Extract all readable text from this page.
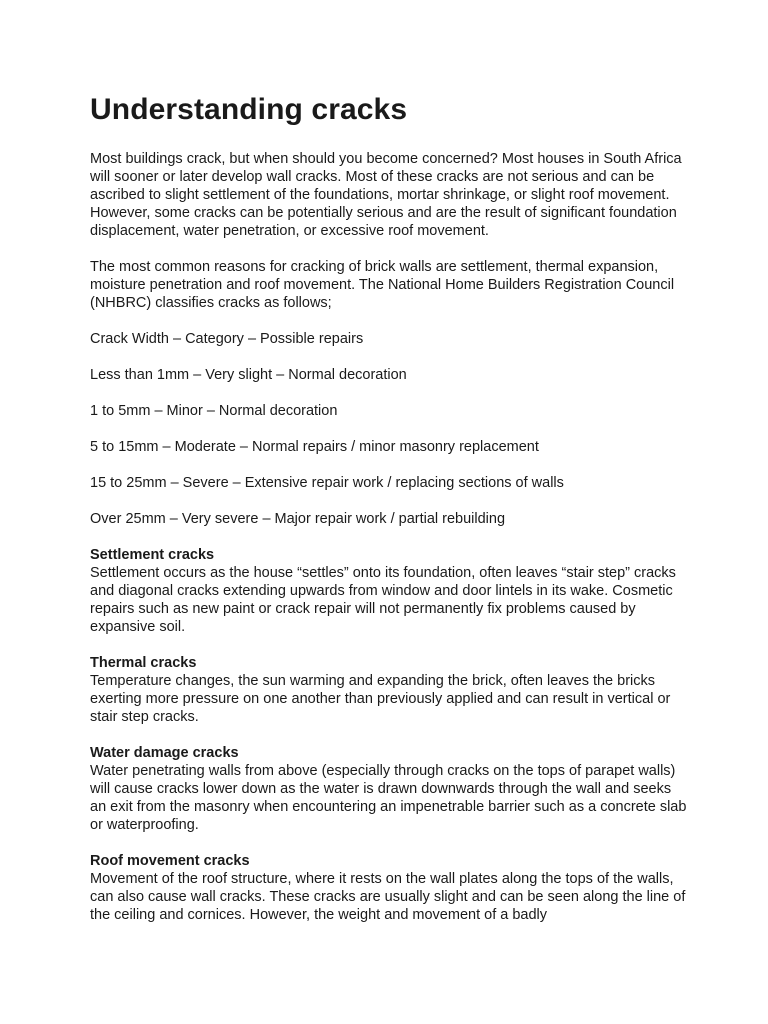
Understanding cracks

Most buildings crack, but when should you become concerned? Most houses in South Africa will sooner or later develop wall cracks. Most of these cracks are not serious and can be ascribed to slight settlement of the foundations, mortar shrinkage, or slight roof movement. However, some cracks can be potentially serious and are the result of significant foundation displacement, water penetration, or excessive roof movement.

The most common reasons for cracking of brick walls are settlement, thermal expansion, moisture penetration and roof movement. The National Home Builders Registration Council (NHBRC) classifies cracks as follows;

Crack Width – Category – Possible repairs

Less than 1mm – Very slight – Normal decoration

1 to 5mm – Minor – Normal decoration

5 to 15mm – Moderate – Normal repairs / minor masonry replacement

15 to 25mm – Severe – Extensive repair work / replacing sections of walls

Over 25mm – Very severe – Major repair work / partial rebuilding

Settlement cracks

Settlement occurs as the house “settles” onto its foundation, often leaves “stair step” cracks and diagonal cracks extending upwards from window and door lintels in its wake. Cosmetic repairs such as new paint or crack repair will not permanently fix problems caused by expansive soil.

Thermal cracks

Temperature changes, the sun warming and expanding the brick, often leaves the bricks exerting more pressure on one another than previously applied and can result in vertical or stair step cracks.

Water damage cracks

Water penetrating walls from above (especially through cracks on the tops of parapet walls) will cause cracks lower down as the water is drawn downwards through the wall and seeks an exit from the masonry when encountering an impenetrable barrier such as a concrete slab or waterproofing.

Roof movement cracks

Movement of the roof structure, where it rests on the wall plates along the tops of the walls, can also cause wall cracks. These cracks are usually slight and can be seen along the line of the ceiling and cornices. However, the weight and movement of a badly
